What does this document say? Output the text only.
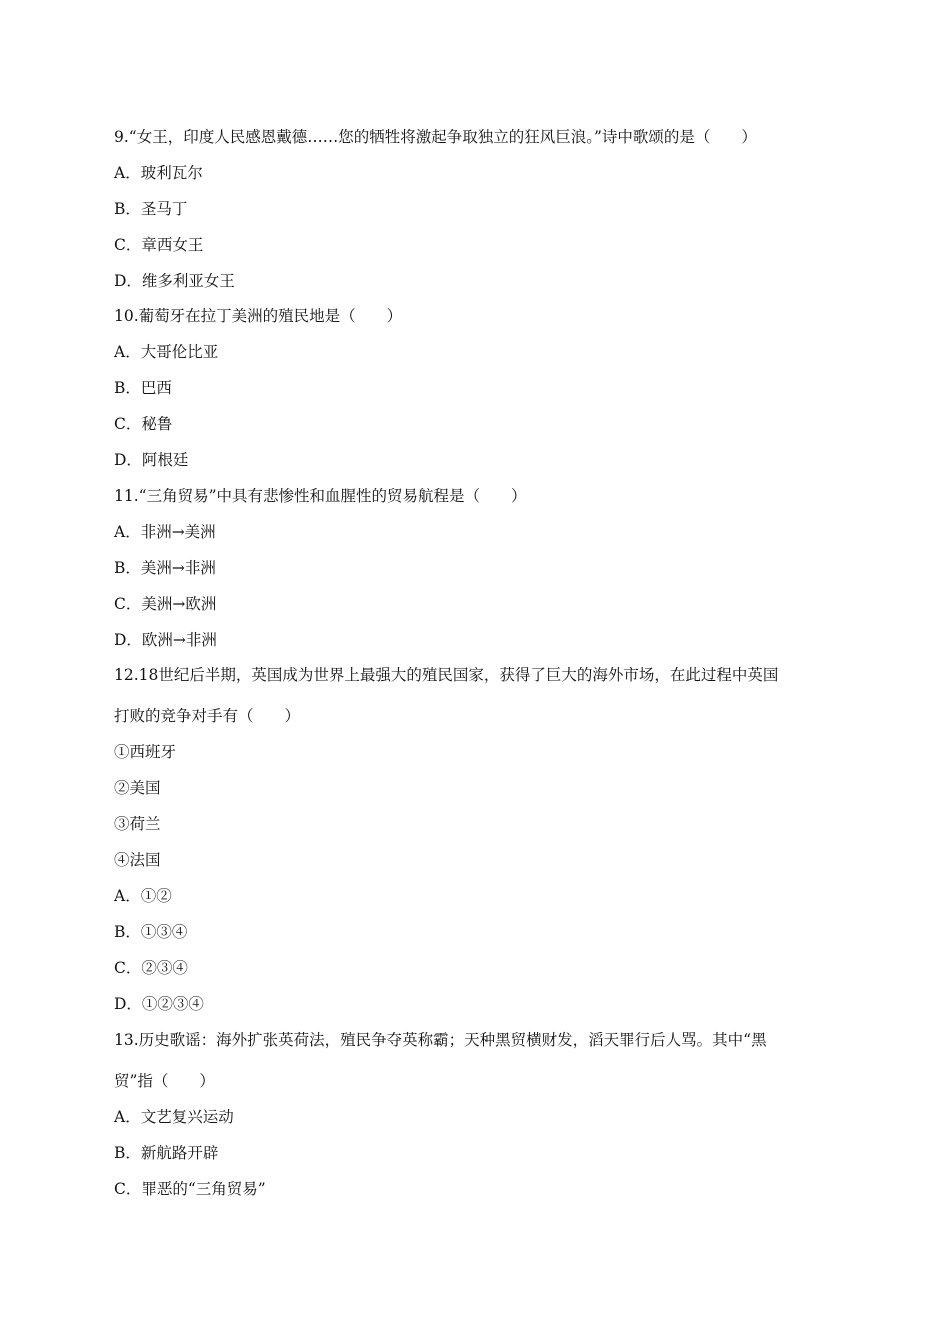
9.“女王，印度人民感恩戴德……您的牺牲将激起争取独立的狂风巨浪。”诗中歌颂的是（　　）
A．玻利瓦尔
B．圣马丁
C．章西女王
D．维多利亚女王
10.葡萄牙在拉丁美洲的殖民地是（　　）
A．大哥伦比亚
B．巴西
C．秘鲁
D．阿根廷
11.“三角贸易”中具有悲惨性和血腥性的贸易航程是（　　）
A．非洲→美洲
B．美洲→非洲
C．美洲→欧洲
D．欧洲→非洲
12.18世纪后半期，英国成为世界上最强大的殖民国家，获得了巨大的海外市场，在此过程中英国
打败的竞争对手有（　　）
①西班牙
②美国
③荷兰
④法国
A．①②
B．①③④
C．②③④
D．①②③④
13.历史歌谣：海外扩张英荷法，殖民争夺英称霸；天种黑贸横财发，滔天罪行后人骂。其中“黑
贸”指（　　）
A．文艺复兴运动
B．新航路开辟
C．罪恶的“三角贸易”
